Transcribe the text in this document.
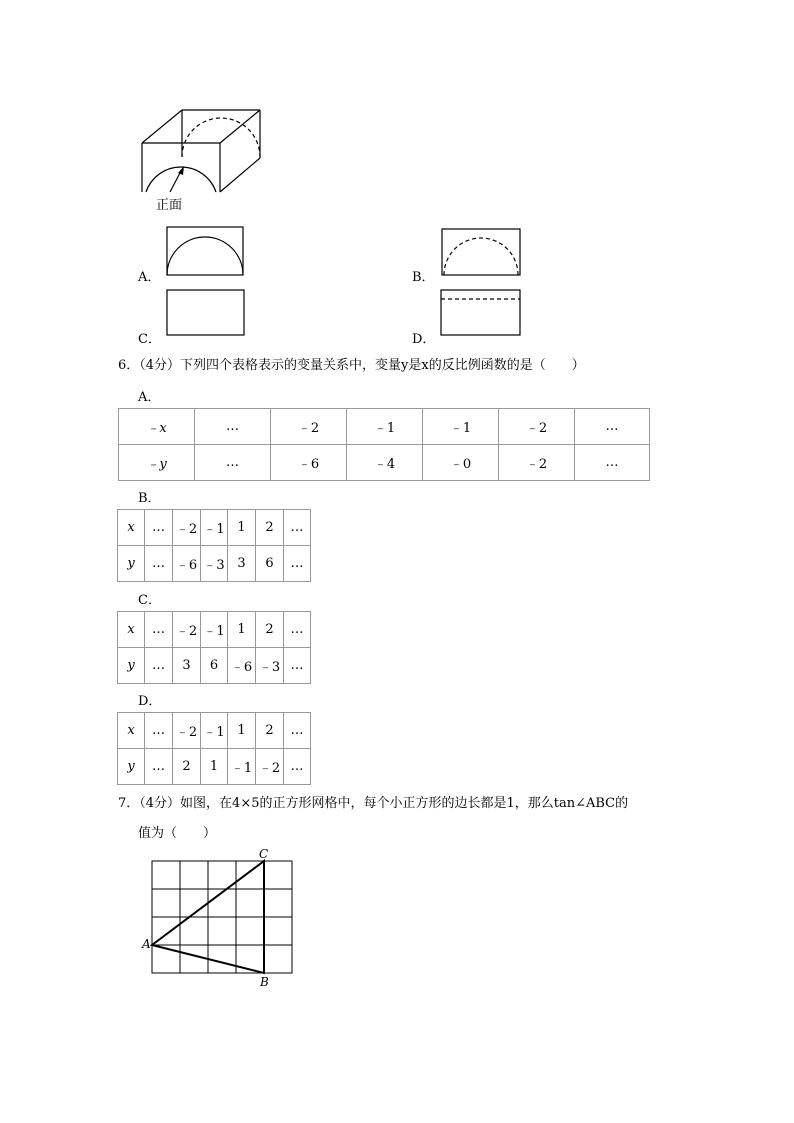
正面
A．	B．
C．	D．
6．（4分）下列四个表格表示的变量关系中，变量y是x的反比例函数的是（　　）
A．
﹣x	…	﹣2	﹣1	﹣1	﹣2	…
﹣y	…	﹣6	﹣4	﹣0	﹣2	…
B．
x	…	﹣2	﹣1	1	2	…
y	…	﹣6	﹣3	3	6	…
C．
x	…	﹣2	﹣1	1	2	…
y	…	3	6	﹣6	﹣3	…
D．
x	…	﹣2	﹣1	1	2	…
y	…	2	1	﹣1	﹣2	…
7．（4分）如图，在4×5的正方形网格中，每个小正方形的边长都是1，那么tan∠ABC的
值为（　　）
A
B
C
